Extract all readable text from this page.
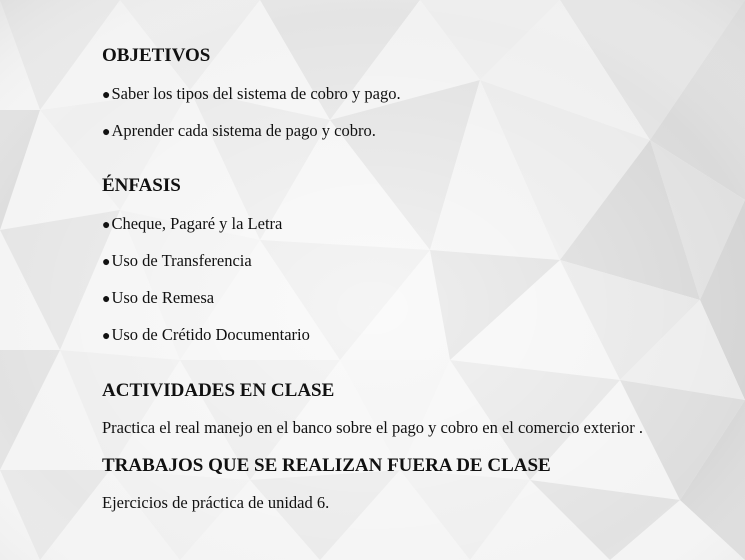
OBJETIVOS

●Saber los tipos del sistema de cobro y pago.

●Aprender cada sistema de pago y cobro.

ÉNFASIS

●Cheque, Pagaré y la Letra

●Uso de Transferencia

●Uso de Remesa

●Uso de Crétido Documentario

ACTIVIDADES EN CLASE

Practica el real manejo en el banco sobre el pago y cobro en el comercio exterior .

TRABAJOS QUE SE REALIZAN FUERA DE CLASE

Ejercicios de práctica de unidad 6.
